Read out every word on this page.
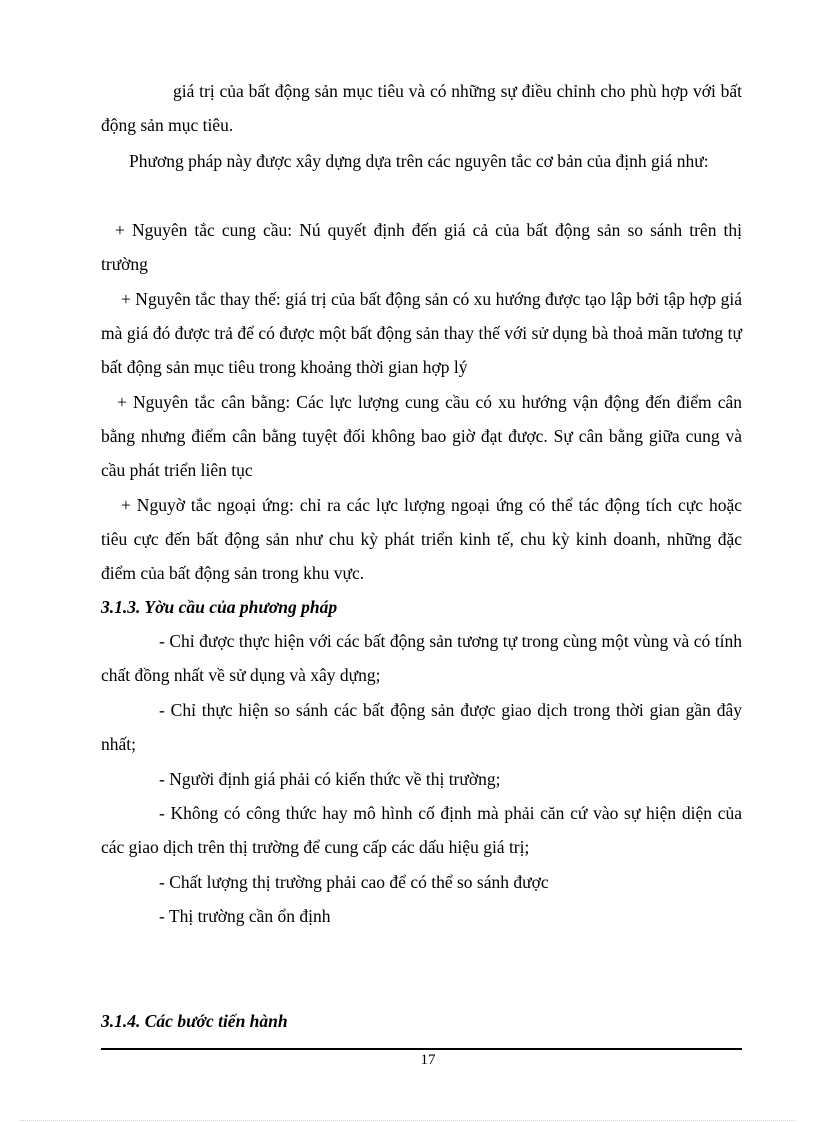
giá trị của bất động sản mục tiêu và có những sự điều chỉnh cho phù hợp với bất động sản mục tiêu.
Phương pháp này được xây dựng dựa trên các nguyên tắc cơ bản của định giá như:
+ Nguyên tắc cung cầu: Nú quyết định đến giá cả của bất động sản so sánh trên thị trường
+ Nguyên tắc thay thế: giá trị của bất động sản có xu hướng được tạo lập bởi tập hợp giá mà giá đó được trả để có được một bất động sản thay thế với sử dụng bà thoả mãn tương tự bất động sản mục tiêu trong khoảng thời gian hợp lý
+ Nguyên tắc cân bằng: Các lực lượng cung cầu có xu hướng vận động đến điểm cân bằng nhưng điểm cân bằng tuyệt đối không bao giờ đạt được. Sự cân bằng giữa cung và cầu phát triển liên tục
+ Nguyờ tắc ngoại ứng: chỉ ra các lực lượng ngoại ứng có thể tác động tích cực hoặc tiêu cực đến bất động sản như chu kỳ phát triển kinh tế, chu kỳ kinh doanh, những đặc điểm của bất động sản trong khu vực.
3.1.3. Yờu cầu của phương pháp
- Chỉ được thực hiện với các bất động sản tương tự trong cùng một vùng và có tính chất đồng nhất về sử dụng và xây dựng;
- Chỉ thực hiện so sánh các bất động sản được giao dịch trong thời gian gần đây nhất;
- Người định giá phải có kiến thức về thị trường;
- Không có công thức hay mô hình cố định mà phải căn cứ vào sự hiện diện của các giao dịch trên thị trường để cung cấp các dấu hiệu giá trị;
- Chất lượng thị trường phải cao để có thể so sánh được
- Thị trường cần ổn định
3.1.4. Các bước tiến hành
17
